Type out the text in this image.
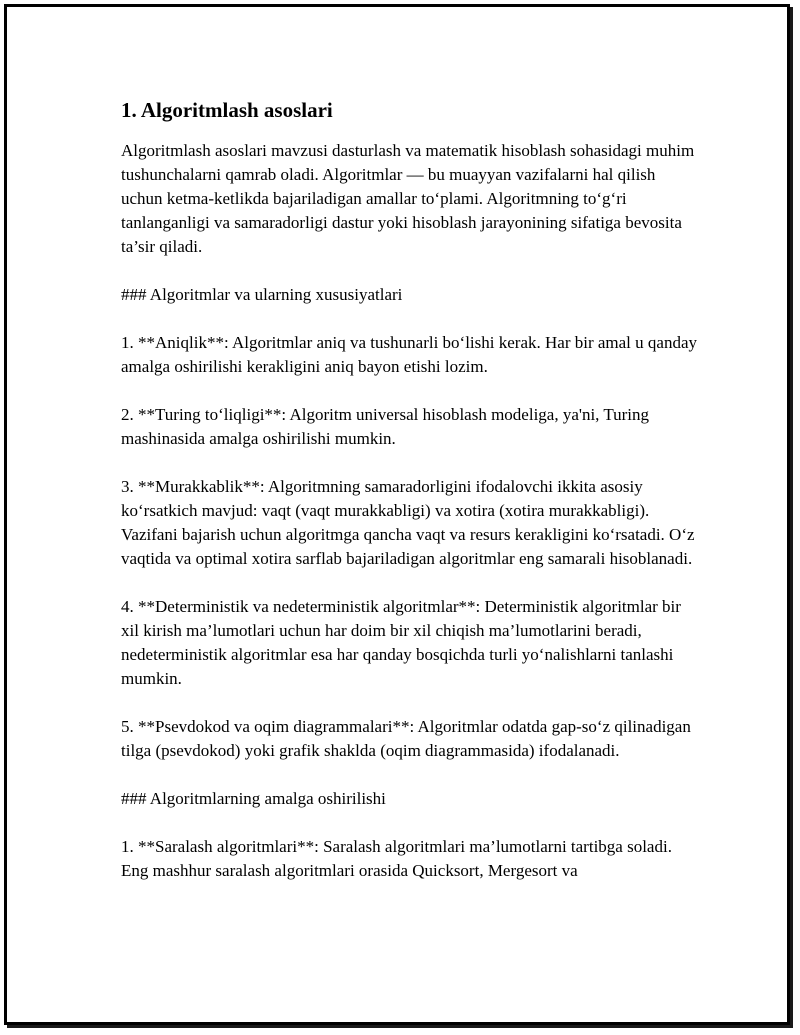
1. Algoritmlash asoslari

Algoritmlash asoslari mavzusi dasturlash va matematik hisoblash sohasidagi muhim tushunchalarni qamrab oladi. Algoritmlar — bu muayyan vazifalarni hal qilish uchun ketma-ketlikda bajariladigan amallar to‘plami. Algoritmning to‘g‘ri tanlanganligi va samaradorligi dastur yoki hisoblash jarayonining sifatiga bevosita ta’sir qiladi.

### Algoritmlar va ularning xususiyatlari

1. **Aniqlik**: Algoritmlar aniq va tushunarli bo‘lishi kerak. Har bir amal u qanday amalga oshirilishi kerakligini aniq bayon etishi lozim.

2. **Turing to‘liqligi**: Algoritm universal hisoblash modeliga, ya'ni, Turing mashinasida amalga oshirilishi mumkin.

3. **Murakkablik**: Algoritmning samaradorligini ifodalovchi ikkita asosiy ko‘rsatkich mavjud: vaqt (vaqt murakkabligi) va xotira (xotira murakkabligi). Vazifani bajarish uchun algoritmga qancha vaqt va resurs kerakligini ko‘rsatadi. O‘z vaqtida va optimal xotira sarflab bajariladigan algoritmlar eng samarali hisoblanadi.

4. **Deterministik va nedeterministik algoritmlar**: Deterministik algoritmlar bir xil kirish ma’lumotlari uchun har doim bir xil chiqish ma’lumotlarini beradi, nedeterministik algoritmlar esa har qanday bosqichda turli yo‘nalishlarni tanlashi mumkin.

5. **Psevdokod va oqim diagrammalari**: Algoritmlar odatda gap-so‘z qilinadigan tilga (psevdokod) yoki grafik shaklda (oqim diagrammasida) ifodalanadi.

### Algoritmlarning amalga oshirilishi

1. **Saralash algoritmlari**: Saralash algoritmlari ma’lumotlarni tartibga soladi. Eng mashhur saralash algoritmlari orasida Quicksort, Mergesort va
